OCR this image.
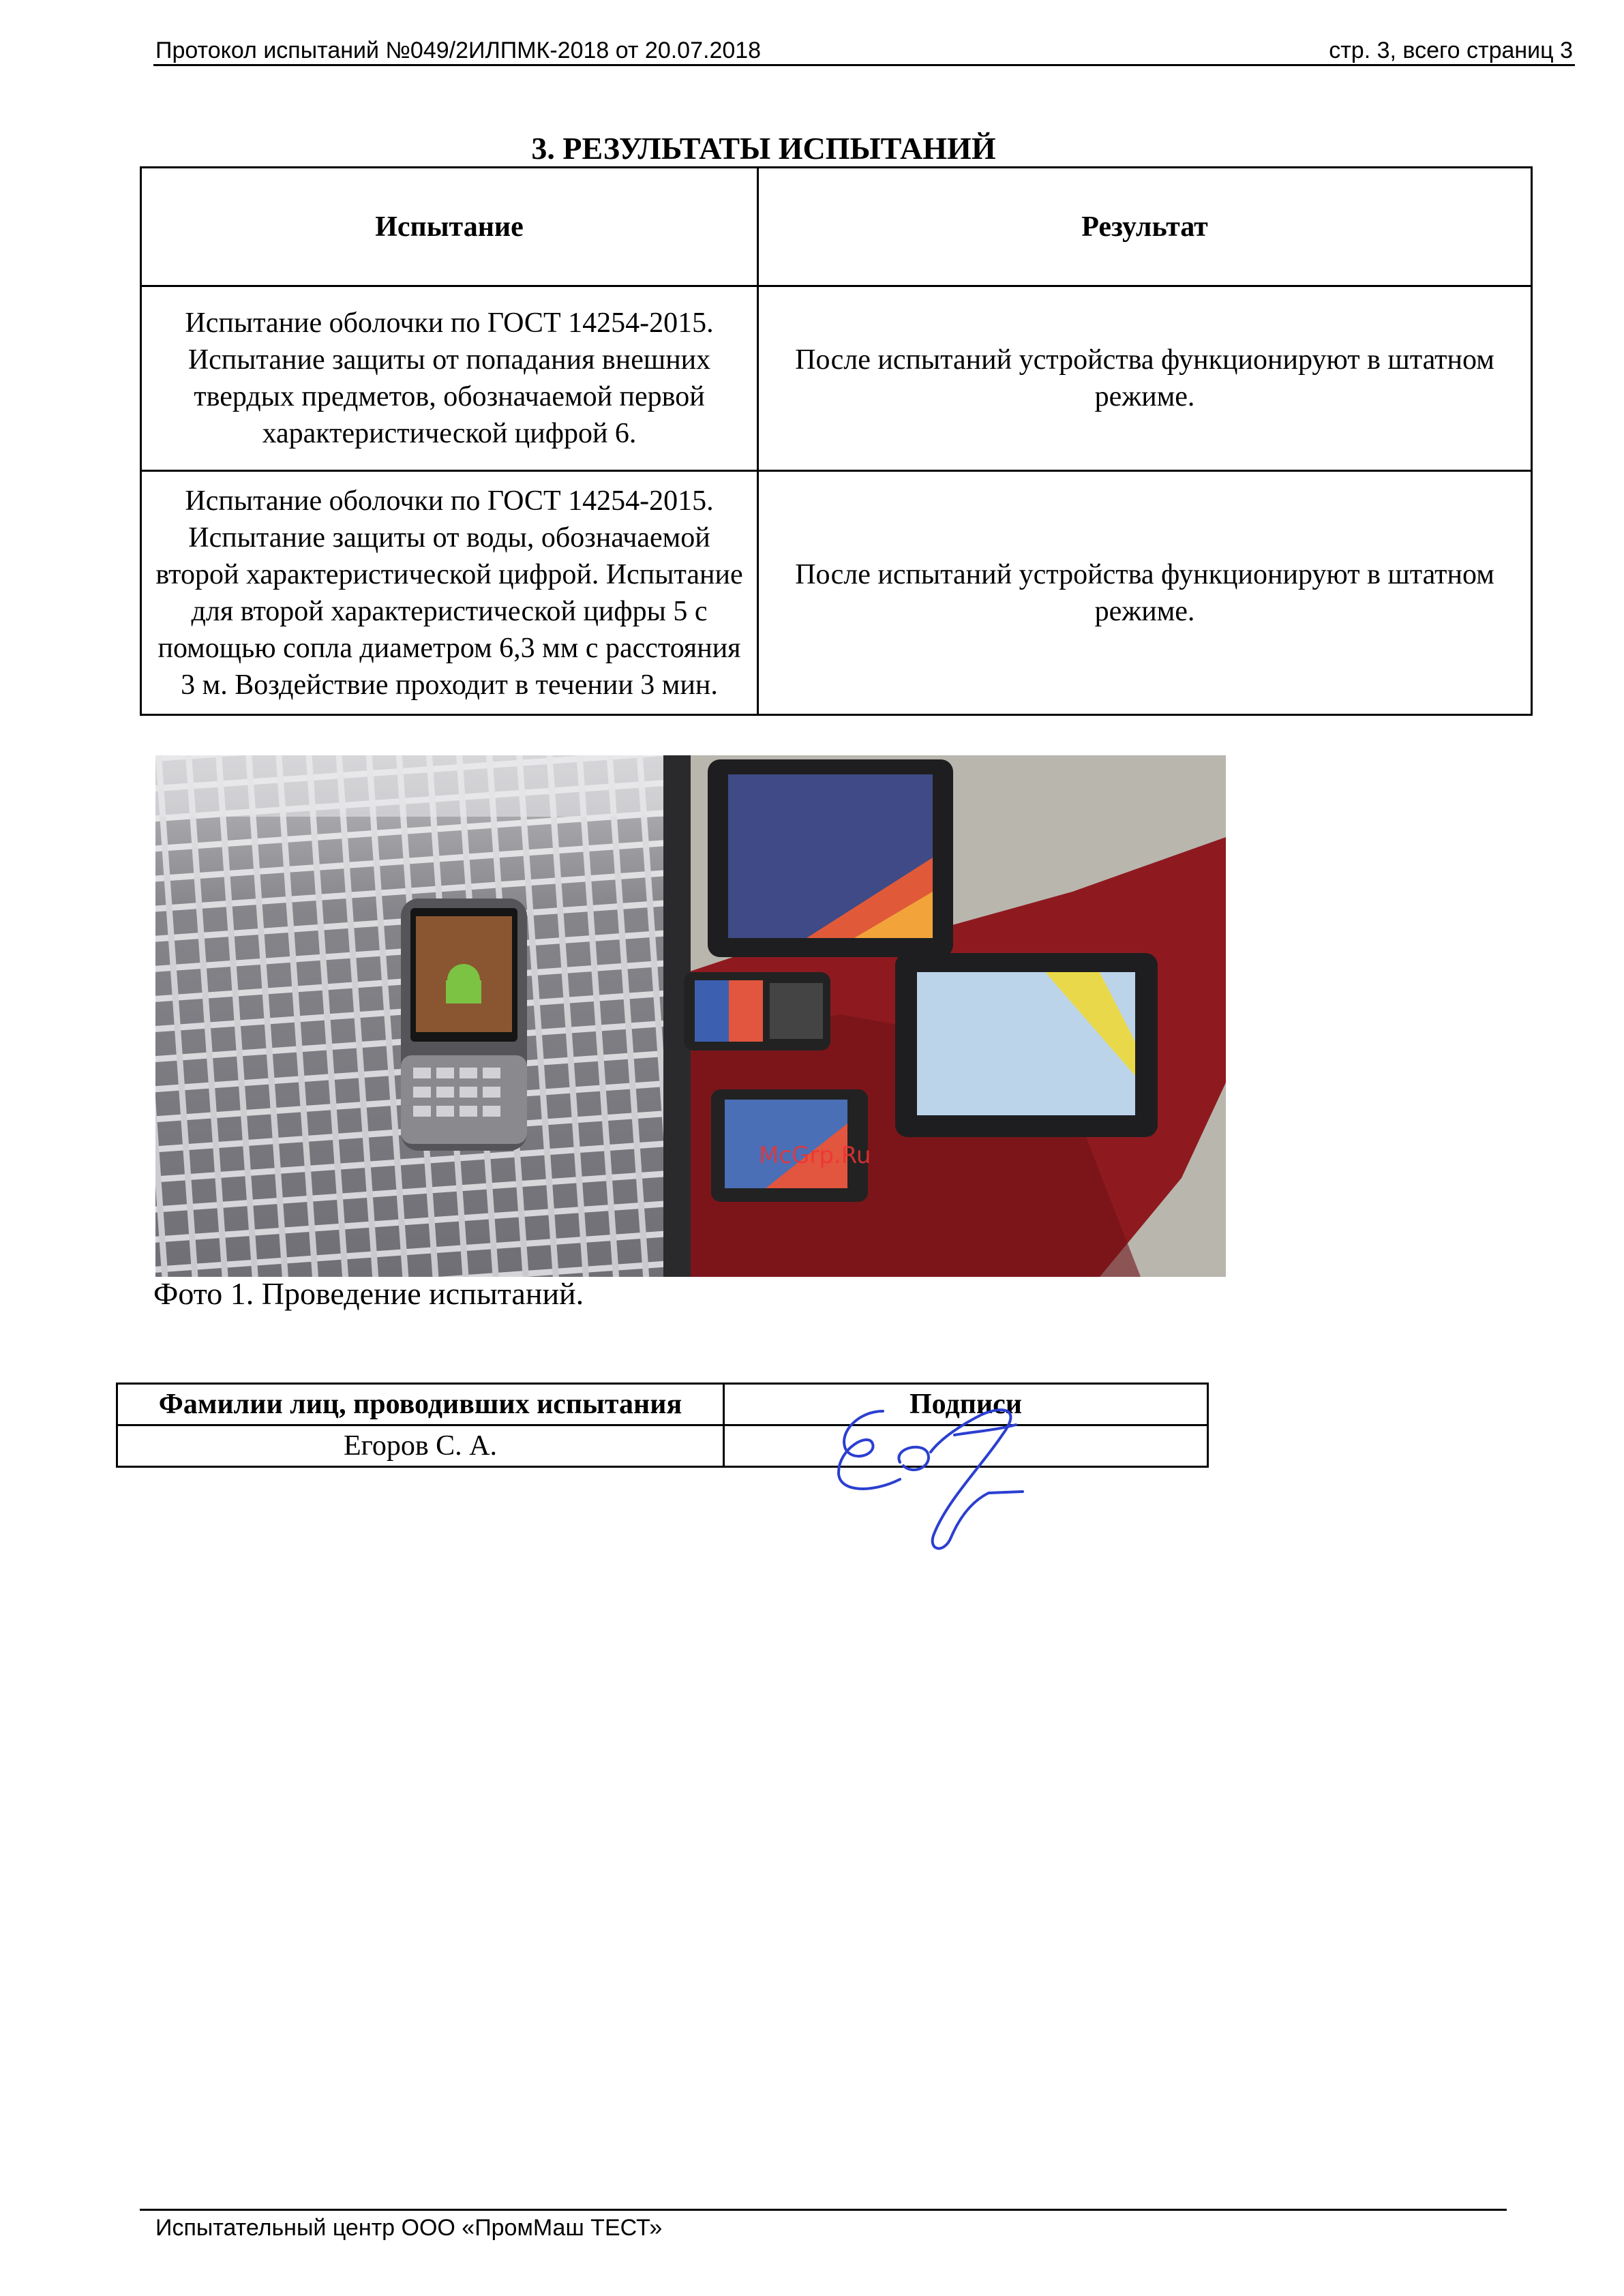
Протокол испытаний №049/2ИЛПМК-2018 от 20.07.2018	стр. 3, всего страниц 3
3. РЕЗУЛЬТАТЫ ИСПЫТАНИЙ
Испытание	Результат
Испытание оболочки по ГОСТ 14254-2015. Испытание защиты от попадания внешних твердых предметов, обозначаемой первой характеристической цифрой 6.	После испытаний устройства функционируют в штатном режиме.
Испытание оболочки по ГОСТ 14254-2015. Испытание защиты от воды, обозначаемой второй характеристической цифрой. Испытание для второй характеристической цифры 5 с помощью сопла диаметром 6,3 мм с расстояния 3 м. Воздействие проходит в течении 3 мин.	После испытаний устройства функционируют в штатном режиме.
McGrp.Ru
Фото 1. Проведение испытаний.
Фамилии лиц, проводивших испытания	Подписи
Егоров С. А.	
Испытательный центр ООО «ПромМаш ТЕСТ»
